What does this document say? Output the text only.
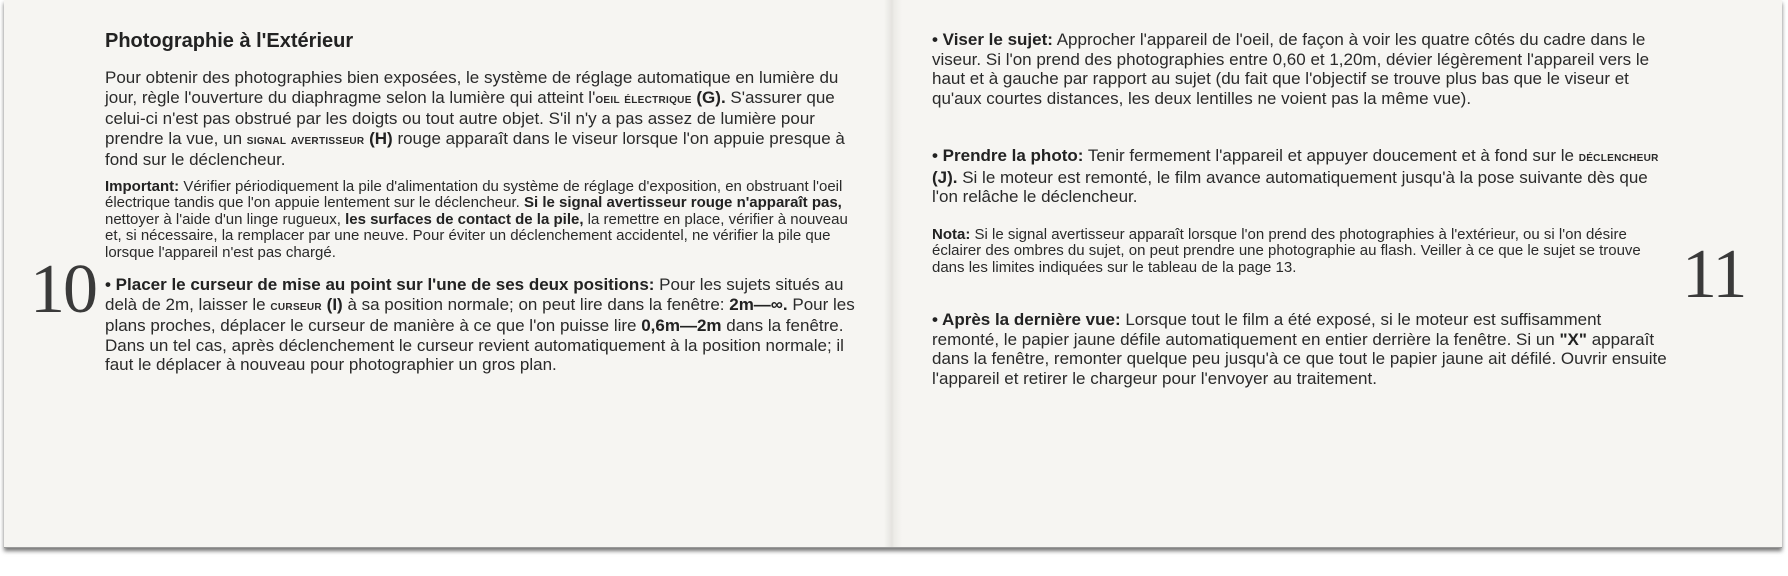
10	11
Photographie à l'Extérieur

Pour obtenir des photographies bien exposées, le système de réglage automatique en lumière du jour, règle l'ouverture du diaphragme selon la lumière qui atteint l'oeil électrique (G). S'assurer que celui-ci n'est pas obstrué par les doigts ou tout autre objet. S'il n'y a pas assez de lumière pour prendre la vue, un signal avertisseur (H) rouge apparaît dans le viseur lorsque l'on appuie presque à fond sur le déclencheur.

Important: Vérifier périodiquement la pile d'alimentation du système de réglage d'exposition, en obstruant l'oeil électrique tandis que l'on appuie lentement sur le déclencheur. Si le signal avertisseur rouge n'apparaît pas, nettoyer à l'aide d'un linge rugueux, les surfaces de contact de la pile, la remettre en place, vérifier à nouveau et, si nécessaire, la remplacer par une neuve. Pour éviter un déclenchement accidentel, ne vérifier la pile que lorsque l'appareil n'est pas chargé.

• Placer le curseur de mise au point sur l'une de ses deux positions: Pour les sujets situés au delà de 2m, laisser le curseur (I) à sa position normale; on peut lire dans la fenêtre: 2m—∞. Pour les plans proches, déplacer le curseur de manière à ce que l'on puisse lire 0,6m—2m dans la fenêtre. Dans un tel cas, après déclenchement le curseur revient automatiquement à la position normale; il faut le déplacer à nouveau pour photographier un gros plan.

• Viser le sujet: Approcher l'appareil de l'oeil, de façon à voir les quatre côtés du cadre dans le viseur. Si l'on prend des photographies entre 0,60 et 1,20m, dévier légèrement l'appareil vers le haut et à gauche par rapport au sujet (du fait que l'objectif se trouve plus bas que le viseur et qu'aux courtes distances, les deux lentilles ne voient pas la même vue).

• Prendre la photo: Tenir fermement l'appareil et appuyer doucement et à fond sur le déclencheur (J). Si le moteur est remonté, le film avance automatiquement jusqu'à la pose suivante dès que l'on relâche le déclencheur.

Nota: Si le signal avertisseur apparaît lorsque l'on prend des photographies à l'extérieur, ou si l'on désire éclairer des ombres du sujet, on peut prendre une photographie au flash. Veiller à ce que le sujet se trouve dans les limites indiquées sur le tableau de la page 13.

• Après la dernière vue: Lorsque tout le film a été exposé, si le moteur est suffisamment remonté, le papier jaune défile automatiquement en entier derrière la fenêtre. Si un "X" apparaît dans la fenêtre, remonter quelque peu jusqu'à ce que tout le papier jaune ait défilé. Ouvrir ensuite l'appareil et retirer le chargeur pour l'envoyer au traitement.
